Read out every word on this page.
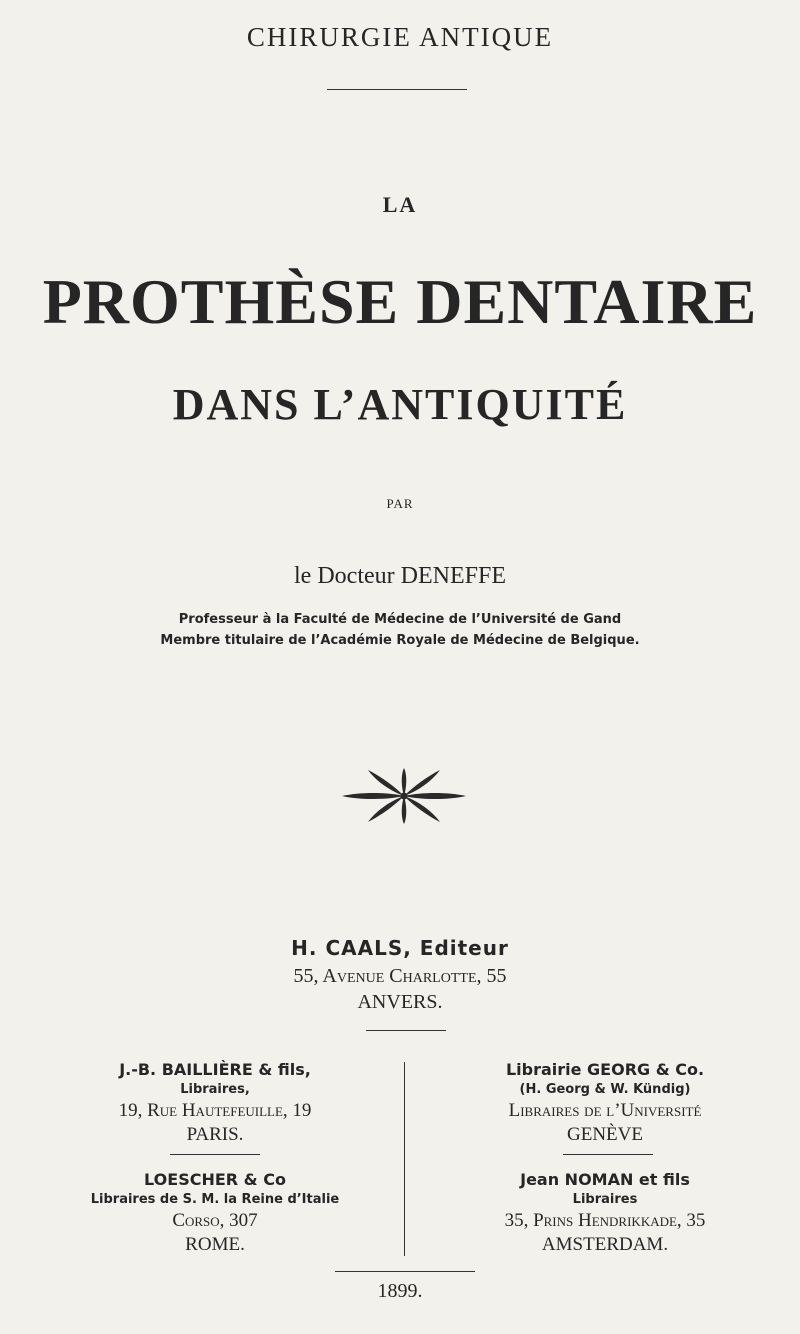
CHIRURGIE ANTIQUE
LA
PROTHÈSE DENTAIRE
DANS L’ANTIQUITÉ
PAR
le Docteur DENEFFE
Professeur à la Faculté de Médecine de l’Université de Gand
Membre titulaire de l’Académie Royale de Médecine de Belgique.
H. CAALS, Editeur
55, Avenue Charlotte, 55
ANVERS.
J.-B. BAILLIÈRE & fils,
Libraires,
19, Rue Hautefeuille, 19
PARIS.
LOESCHER & Co
Libraires de S. M. la Reine d’Italie
Corso, 307
ROME.
Librairie GEORG & Co.
(H. Georg & W. Kündig)
Libraires de l’Université
GENÈVE
Jean NOMAN et fils
Libraires
35, Prins Hendrikkade, 35
AMSTERDAM.
1899.
